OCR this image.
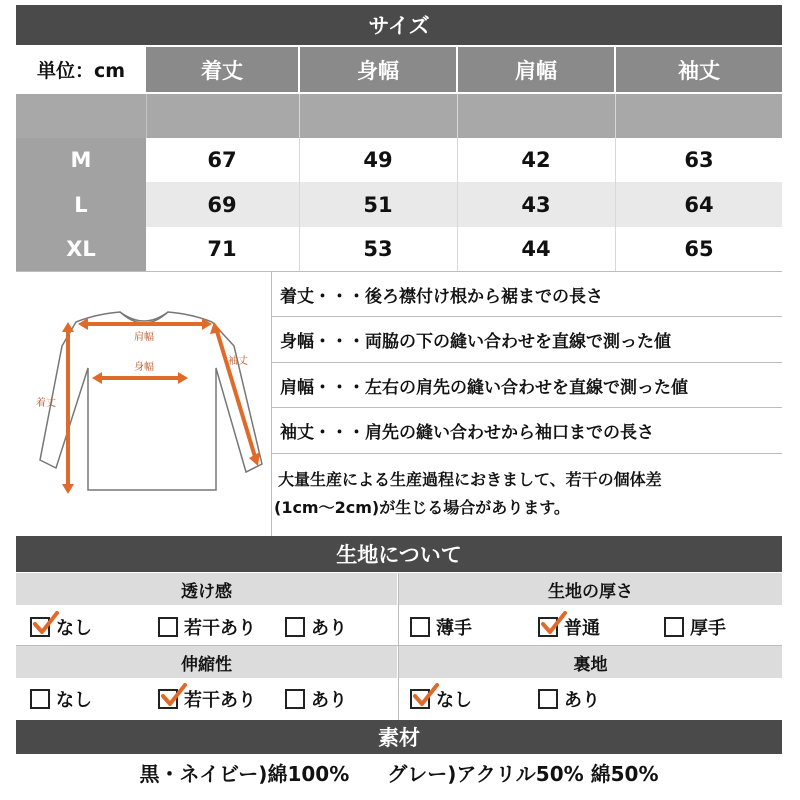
サイズ
単位：cm	着丈	身幅	肩幅	袖丈
M	67	49	42	63
L	69	51	43	64
XL	71	53	44	65
肩幅
身幅
袖丈
着丈
着丈・・・後ろ襟付け根から裾までの長さ
身幅・・・両脇の下の縫い合わせを直線で測った値
肩幅・・・左右の肩先の縫い合わせを直線で測った値
袖丈・・・肩先の縫い合わせから袖口までの長さ
大量生産による生産過程におきまして、若干の個体差
(1cm〜2cm)が生じる場合があります。
生地について
透け感	生地の厚さ
なし	若干あり	あり	薄手	普通	厚手
伸縮性	裏地
なし	若干あり	あり	なし	あり
素材
黒・ネイビー)綿100% グレー)アクリル50% 綿50%
